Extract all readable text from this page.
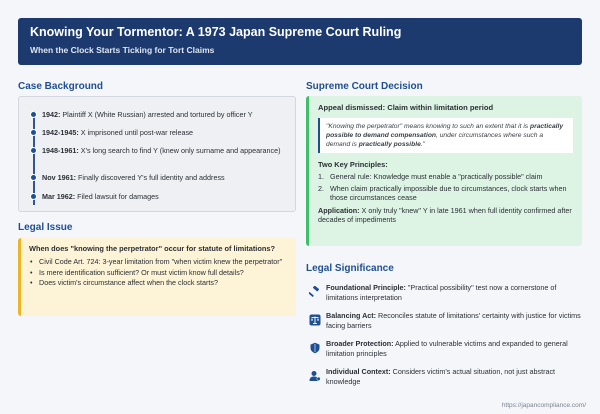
Knowing Your Tormentor: A 1973 Japan Supreme Court Ruling
When the Clock Starts Ticking for Tort Claims
Case Background
1942: Plaintiff X (White Russian) arrested and tortured by officer Y
1942-1945: X imprisoned until post-war release
1948-1961: X's long search to find Y (knew only surname and appearance)
Nov 1961: Finally discovered Y's full identity and address
Mar 1962: Filed lawsuit for damages
Legal Issue
When does "knowing the perpetrator" occur for statute of limitations?
• Civil Code Art. 724: 3-year limitation from "when victim knew the perpetrator"
• Is mere identification sufficient? Or must victim know full details?
• Does victim's circumstance affect when the clock starts?
Supreme Court Decision
Appeal dismissed: Claim within limitation period
"Knowing the perpetrator" means knowing to such an extent that it is practically possible to demand compensation, under circumstances where such a demand is practically possible."
Two Key Principles:
1. General rule: Knowledge must enable a "practically possible" claim
2. When claim practically impossible due to circumstances, clock starts when those circumstances cease
Application: X only truly "knew" Y in late 1961 when full identity confirmed after decades of impediments
Legal Significance
Foundational Principle: "Practical possibility" test now a cornerstone of limitations interpretation
Balancing Act: Reconciles statute of limitations' certainty with justice for victims facing barriers
Broader Protection: Applied to vulnerable victims and expanded to general limitation principles
Individual Context: Considers victim's actual situation, not just abstract knowledge
https://japancompliance.com/
